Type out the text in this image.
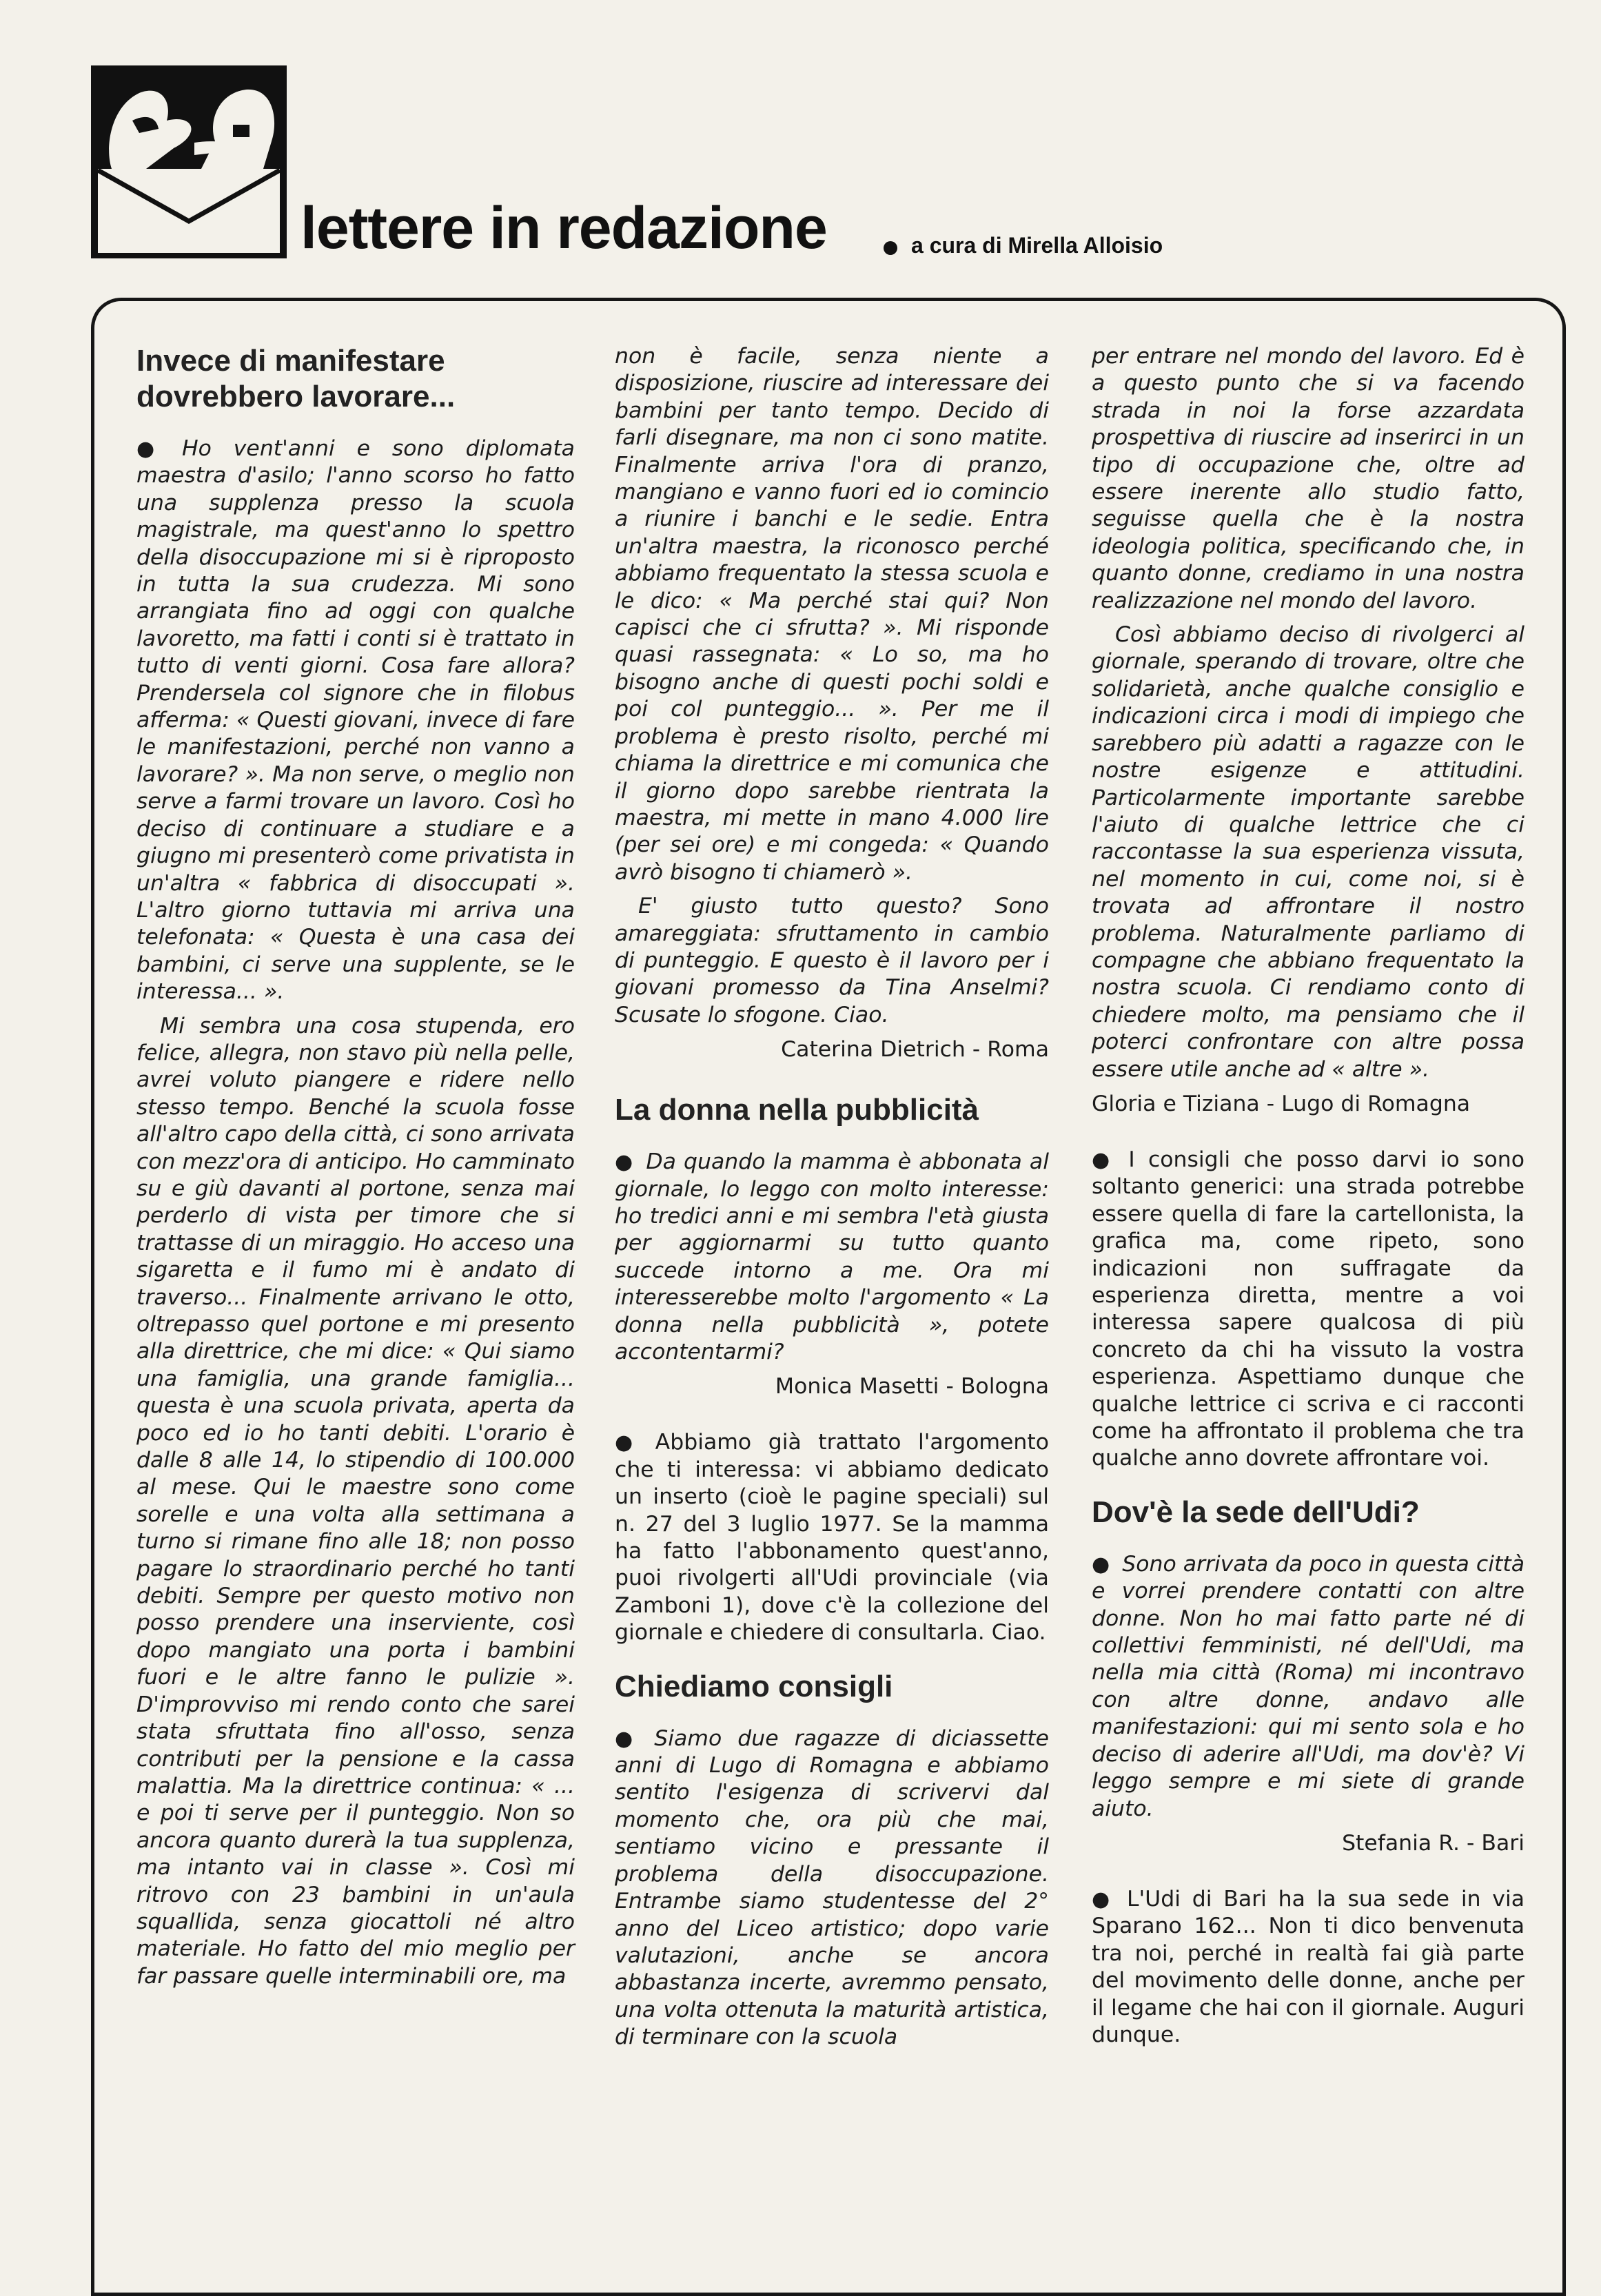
lettere in redazione	a cura di Mirella Alloisio
Invece di manifestare dovrebbero lavorare...
● Ho vent'anni e sono diplomata maestra d'asilo; l'anno scorso ho fatto una supplenza presso la scuola magistrale, ma quest'anno lo spettro della disoccupazione mi si è riproposto in tutta la sua crudezza. Mi sono arrangiata fino ad oggi con qualche lavoretto, ma fatti i conti si è trattato in tutto di venti giorni. Cosa fare allora? Prendersela col signore che in filobus afferma: « Questi giovani, invece di fare le manifestazioni, perché non vanno a lavorare? ». Ma non serve, o meglio non serve a farmi trovare un lavoro. Così ho deciso di continuare a studiare e a giugno mi presenterò come privatista in un'altra « fabbrica di disoccupati ». L'altro giorno tuttavia mi arriva una telefonata: « Questa è una casa dei bambini, ci serve una supplente, se le interessa... ».
Mi sembra una cosa stupenda, ero felice, allegra, non stavo più nella pelle, avrei voluto piangere e ridere nello stesso tempo. Benché la scuola fosse all'altro capo della città, ci sono arrivata con mezz'ora di anticipo. Ho camminato su e giù davanti al portone, senza mai perderlo di vista per timore che si trattasse di un miraggio. Ho acceso una sigaretta e il fumo mi è andato di traverso... Finalmente arrivano le otto, oltrepasso quel portone e mi presento alla direttrice, che mi dice: « Qui siamo una famiglia, una grande famiglia... questa è una scuola privata, aperta da poco ed io ho tanti debiti. L'orario è dalle 8 alle 14, lo stipendio di 100.000 al mese. Qui le maestre sono come sorelle e una volta alla settimana a turno si rimane fino alle 18; non posso pagare lo straordinario perché ho tanti debiti. Sempre per questo motivo non posso prendere una inserviente, così dopo mangiato una porta i bambini fuori e le altre fanno le pulizie ». D'improvviso mi rendo conto che sarei stata sfruttata fino all'osso, senza contributi per la pensione e la cassa malattia. Ma la direttrice continua: « ... e poi ti serve per il punteggio. Non so ancora quanto durerà la tua supplenza, ma intanto vai in classe ». Così mi ritrovo con 23 bambini in un'aula squallida, senza giocattoli né altro materiale. Ho fatto del mio meglio per far passare quelle interminabili ore, ma
non è facile, senza niente a disposizione, riuscire ad interessare dei bambini per tanto tempo. Decido di farli disegnare, ma non ci sono matite. Finalmente arriva l'ora di pranzo, mangiano e vanno fuori ed io comincio a riunire i banchi e le sedie. Entra un'altra maestra, la riconosco perché abbiamo frequentato la stessa scuola e le dico: « Ma perché stai qui? Non capisci che ci sfrutta? ». Mi risponde quasi rassegnata: « Lo so, ma ho bisogno anche di questi pochi soldi e poi col punteggio... ». Per me il problema è presto risolto, perché mi chiama la direttrice e mi comunica che il giorno dopo sarebbe rientrata la maestra, mi mette in mano 4.000 lire (per sei ore) e mi congeda: « Quando avrò bisogno ti chiamerò ».
E' giusto tutto questo? Sono amareggiata: sfruttamento in cambio di punteggio. E questo è il lavoro per i giovani promesso da Tina Anselmi? Scusate lo sfogone. Ciao.
Caterina Dietrich - Roma
La donna nella pubblicità
● Da quando la mamma è abbonata al giornale, lo leggo con molto interesse: ho tredici anni e mi sembra l'età giusta per aggiornarmi su tutto quanto succede intorno a me. Ora mi interesserebbe molto l'argomento « La donna nella pubblicità », potete accontentarmi?
Monica Masetti - Bologna
● Abbiamo già trattato l'argomento che ti interessa: vi abbiamo dedicato un inserto (cioè le pagine speciali) sul n. 27 del 3 luglio 1977. Se la mamma ha fatto l'abbonamento quest'anno, puoi rivolgerti all'Udi provinciale (via Zamboni 1), dove c'è la collezione del giornale e chiedere di consultarla. Ciao.
Chiediamo consigli
● Siamo due ragazze di diciassette anni di Lugo di Romagna e abbiamo sentito l'esigenza di scrivervi dal momento che, ora più che mai, sentiamo vicino e pressante il problema della disoccupazione. Entrambe siamo studentesse del 2° anno del Liceo artistico; dopo varie valutazioni, anche se ancora abbastanza incerte, avremmo pensato, una volta ottenuta la maturità artistica, di terminare con la scuola
per entrare nel mondo del lavoro. Ed è a questo punto che si va facendo strada in noi la forse azzardata prospettiva di riuscire ad inserirci in un tipo di occupazione che, oltre ad essere inerente allo studio fatto, seguisse quella che è la nostra ideologia politica, specificando che, in quanto donne, crediamo in una nostra realizzazione nel mondo del lavoro.
Così abbiamo deciso di rivolgerci al giornale, sperando di trovare, oltre che solidarietà, anche qualche consiglio e indicazioni circa i modi di impiego che sarebbero più adatti a ragazze con le nostre esigenze e attitudini. Particolarmente importante sarebbe l'aiuto di qualche lettrice che ci raccontasse la sua esperienza vissuta, nel momento in cui, come noi, si è trovata ad affrontare il nostro problema. Naturalmente parliamo di compagne che abbiano frequentato la nostra scuola. Ci rendiamo conto di chiedere molto, ma pensiamo che il poterci confrontare con altre possa essere utile anche ad « altre ».
Gloria e Tiziana - Lugo di Romagna
● I consigli che posso darvi io sono soltanto generici: una strada potrebbe essere quella di fare la cartellonista, la grafica ma, come ripeto, sono indicazioni non suffragate da esperienza diretta, mentre a voi interessa sapere qualcosa di più concreto da chi ha vissuto la vostra esperienza. Aspettiamo dunque che qualche lettrice ci scriva e ci racconti come ha affrontato il problema che tra qualche anno dovrete affrontare voi.
Dov'è la sede dell'Udi?
● Sono arrivata da poco in questa città e vorrei prendere contatti con altre donne. Non ho mai fatto parte né di collettivi femministi, né dell'Udi, ma nella mia città (Roma) mi incontravo con altre donne, andavo alle manifestazioni: qui mi sento sola e ho deciso di aderire all'Udi, ma dov'è? Vi leggo sempre e mi siete di grande aiuto.
Stefania R. - Bari
● L'Udi di Bari ha la sua sede in via Sparano 162... Non ti dico benvenuta tra noi, perché in realtà fai già parte del movimento delle donne, anche per il legame che hai con il giornale. Auguri dunque.
